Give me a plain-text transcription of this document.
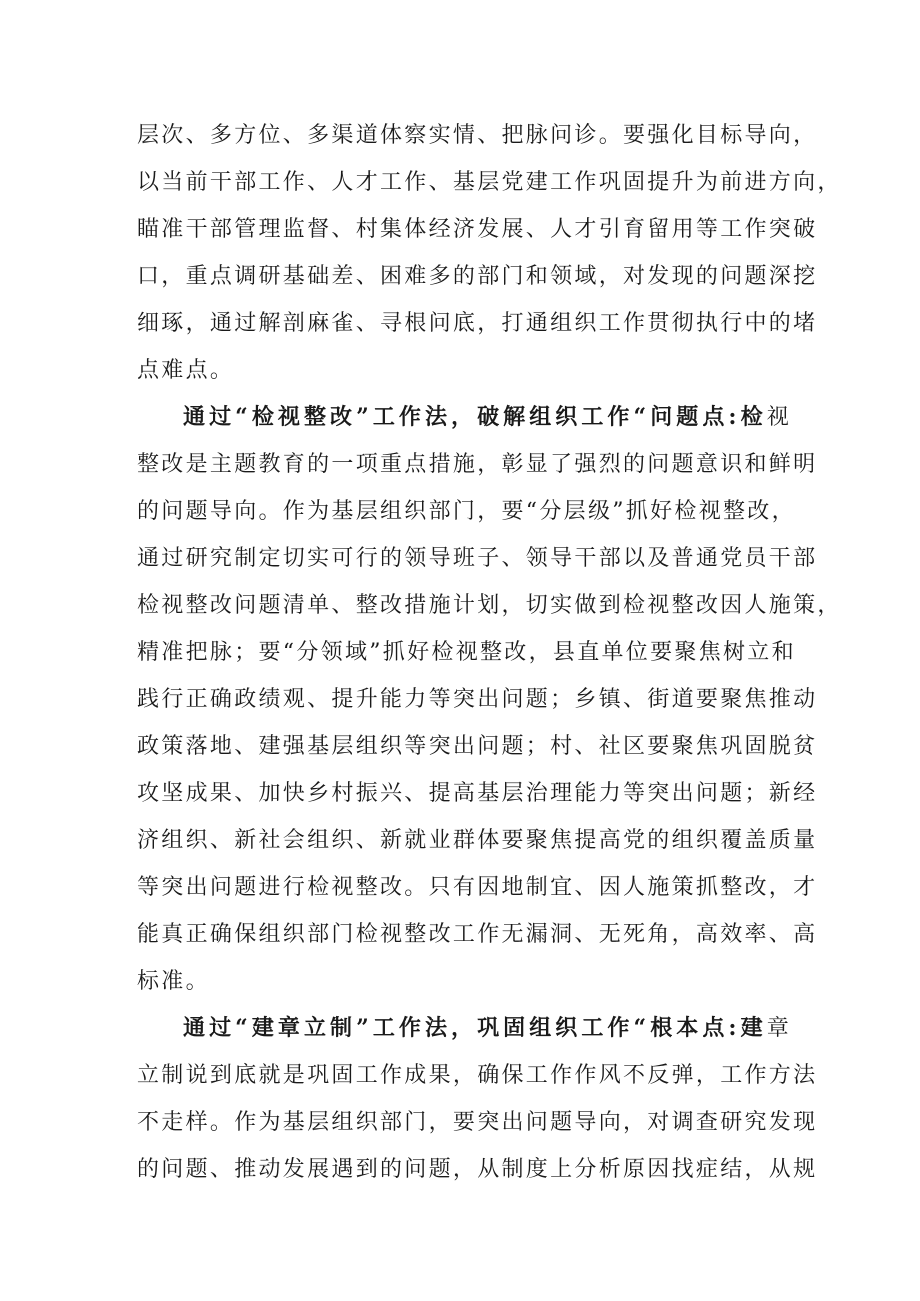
层次、多方位、多渠道体察实情、把脉问诊。要强化目标导向，
以当前干部工作、人才工作、基层党建工作巩固提升为前进方向，
瞄准干部管理监督、村集体经济发展、人才引育留用等工作突破
口，重点调研基础差、困难多的部门和领域，对发现的问题深挖
细琢，通过解剖麻雀、寻根问底，打通组织工作贯彻执行中的堵
点难点。
通过“检视整改”工作法，破解组织工作“问题点:检视
整改是主题教育的一项重点措施，彰显了强烈的问题意识和鲜明
的问题导向。作为基层组织部门，要“分层级”抓好检视整改，
通过研究制定切实可行的领导班子、领导干部以及普通党员干部
检视整改问题清单、整改措施计划，切实做到检视整改因人施策，
精准把脉；要“分领域”抓好检视整改，县直单位要聚焦树立和
践行正确政绩观、提升能力等突出问题；乡镇、街道要聚焦推动
政策落地、建强基层组织等突出问题；村、社区要聚焦巩固脱贫
攻坚成果、加快乡村振兴、提高基层治理能力等突出问题；新经
济组织、新社会组织、新就业群体要聚焦提高党的组织覆盖质量
等突出问题进行检视整改。只有因地制宜、因人施策抓整改，才
能真正确保组织部门检视整改工作无漏洞、无死角，高效率、高
标准。
通过“建章立制”工作法，巩固组织工作“根本点:建章
立制说到底就是巩固工作成果，确保工作作风不反弹，工作方法
不走样。作为基层组织部门，要突出问题导向，对调查研究发现
的问题、推动发展遇到的问题，从制度上分析原因找症结，从规
